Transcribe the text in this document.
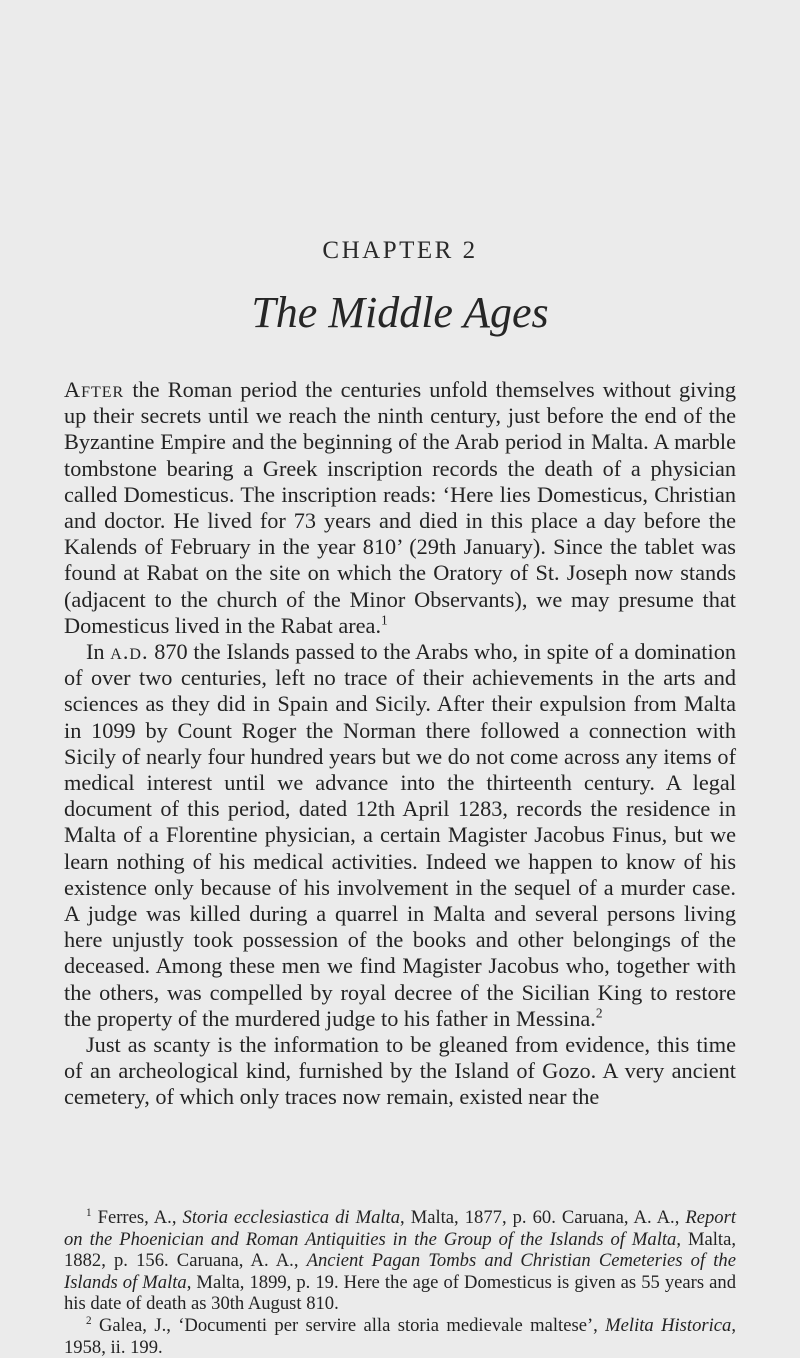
CHAPTER 2
The Middle Ages

After the Roman period the centuries unfold themselves without giving up their secrets until we reach the ninth century, just before the end of the Byzantine Empire and the beginning of the Arab period in Malta. A marble tombstone bearing a Greek inscription records the death of a physician called Domesticus. The inscription reads: ‘Here lies Domesticus, Christian and doctor. He lived for 73 years and died in this place a day before the Kalends of February in the year 810’ (29th January). Since the tablet was found at Rabat on the site on which the Oratory of St. Joseph now stands (adjacent to the church of the Minor Observants), we may presume that Domesticus lived in the Rabat area.$^1$

In a.d. 870 the Islands passed to the Arabs who, in spite of a domination of over two centuries, left no trace of their achievements in the arts and sciences as they did in Spain and Sicily. After their expulsion from Malta in 1099 by Count Roger the Norman there followed a connection with Sicily of nearly four hundred years but we do not come across any items of medical interest until we advance into the thirteenth century. A legal document of this period, dated 12th April 1283, records the residence in Malta of a Florentine physician, a certain Magister Jacobus Finus, but we learn nothing of his medical activities. Indeed we happen to know of his existence only because of his involvement in the sequel of a murder case. A judge was killed during a quarrel in Malta and several persons living here unjustly took possession of the books and other belongings of the deceased. Among these men we find Magister Jacobus who, together with the others, was compelled by royal decree of the Sicilian King to restore the property of the murdered judge to his father in Messina.$^2$

Just as scanty is the information to be gleaned from evidence, this time of an archeological kind, furnished by the Island of Gozo. A very ancient cemetery, of which only traces now remain, existed near the

$^1$ Ferres, A., Storia ecclesiastica di Malta, Malta, 1877, p. 60. Caruana, A. A., Report on the Phoenician and Roman Antiquities in the Group of the Islands of Malta, Malta, 1882, p. 156. Caruana, A. A., Ancient Pagan Tombs and Christian Cemeteries of the Islands of Malta, Malta, 1899, p. 19. Here the age of Domesticus is given as 55 years and his date of death as 30th August 810.

$^2$ Galea, J., ‘Documenti per servire alla storia medievale maltese’, Melita Historica, 1958, ii. 199.
